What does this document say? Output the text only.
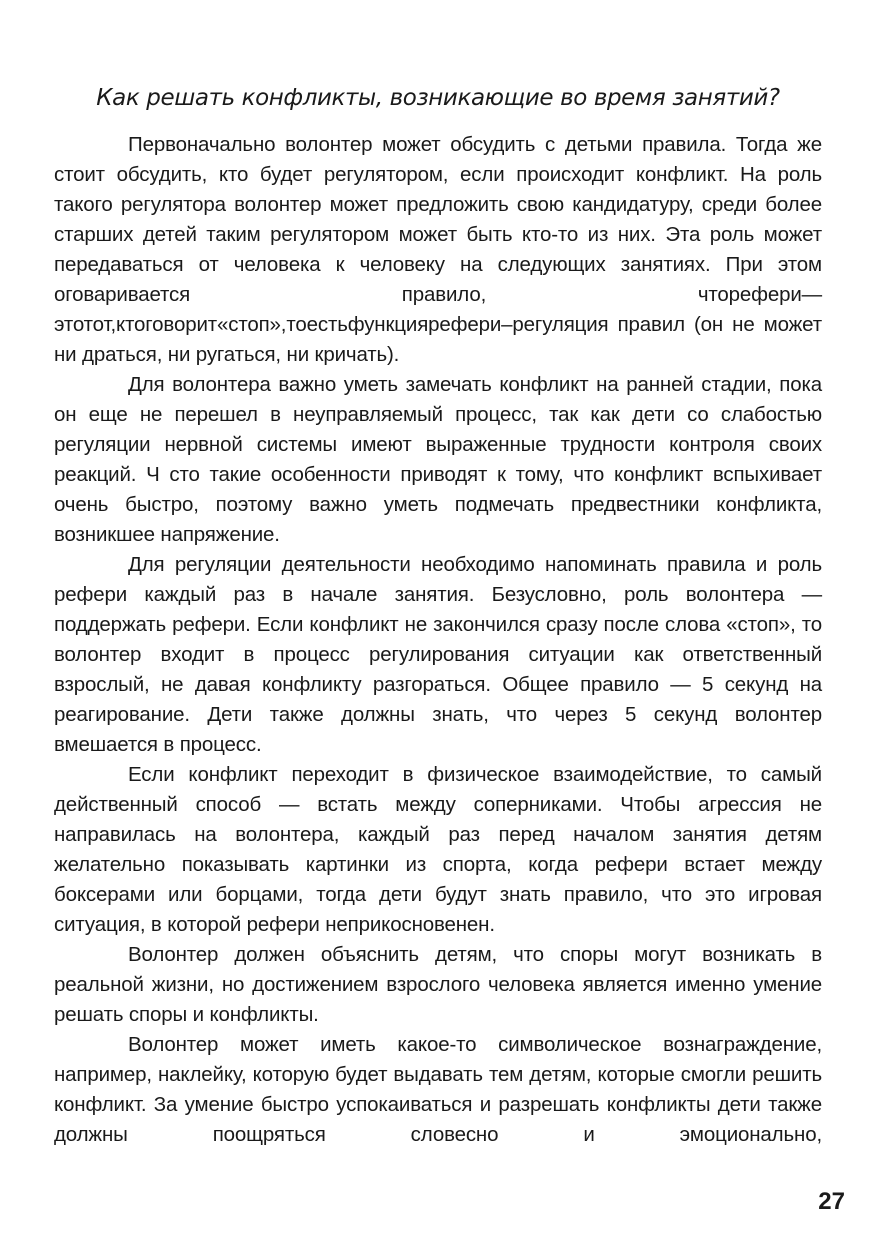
Как решать конфликты, возникающие во время занятий?

Первоначально волонтер может обсудить с детьми правила. Тогда же стоит обсудить, кто будет регулятором, если происходит конфликт. На роль такого регулятора волонтер может предложить свою кандидатуру, среди более старших детей таким регулятором может быть кто-то из них. Эта роль может передаваться от человека к человеку на следующих занятиях. При этом оговаривается правило, чторефери—этотот,ктоговорит«стоп»,тоестьфункциярефери–регуляция правил (он не может ни драться, ни ругаться, ни кричать).

Для волонтера важно уметь замечать конфликт на ранней стадии, пока он еще не перешел в неуправляемый процесс, так как дети со слабостью регуляции нервной системы имеют выраженные трудности контроля своих реакций. Ч сто такие особенности приводят к тому, что конфликт вспыхивает очень быстро, поэтому важно уметь подмечать предвестники конфликта, возникшее напряжение.

Для регуляции деятельности необходимо напоминать правила и роль рефери каждый раз в начале занятия. Безусловно, роль волонтера — поддержать рефери. Если конфликт не закончился сразу после слова «стоп», то волонтер входит в процесс регулирования ситуации как ответственный взрослый, не давая конфликту разгораться. Общее правило — 5 секунд на реагирование. Дети также должны знать, что через 5 секунд волонтер вмешается в процесс.

Если конфликт переходит в физическое взаимодействие, то самый действенный способ — встать между соперниками. Чтобы агрессия не направилась на волонтера, каждый раз перед началом занятия детям желательно показывать картинки из спорта, когда рефери встает между боксерами или борцами, тогда дети будут знать правило, что это игровая ситуация, в которой рефери неприкосновенен.

Волонтер должен объяснить детям, что споры могут возникать в реальной жизни, но достижением взрослого человека является именно умение решать споры и конфликты.

Волонтер может иметь какое-то символическое вознаграждение, например, наклейку, которую будет выдавать тем детям, которые смогли решить конфликт. За умение быстро успокаиваться и разрешать конфликты дети также должны поощряться словесно и эмоционально,

27
